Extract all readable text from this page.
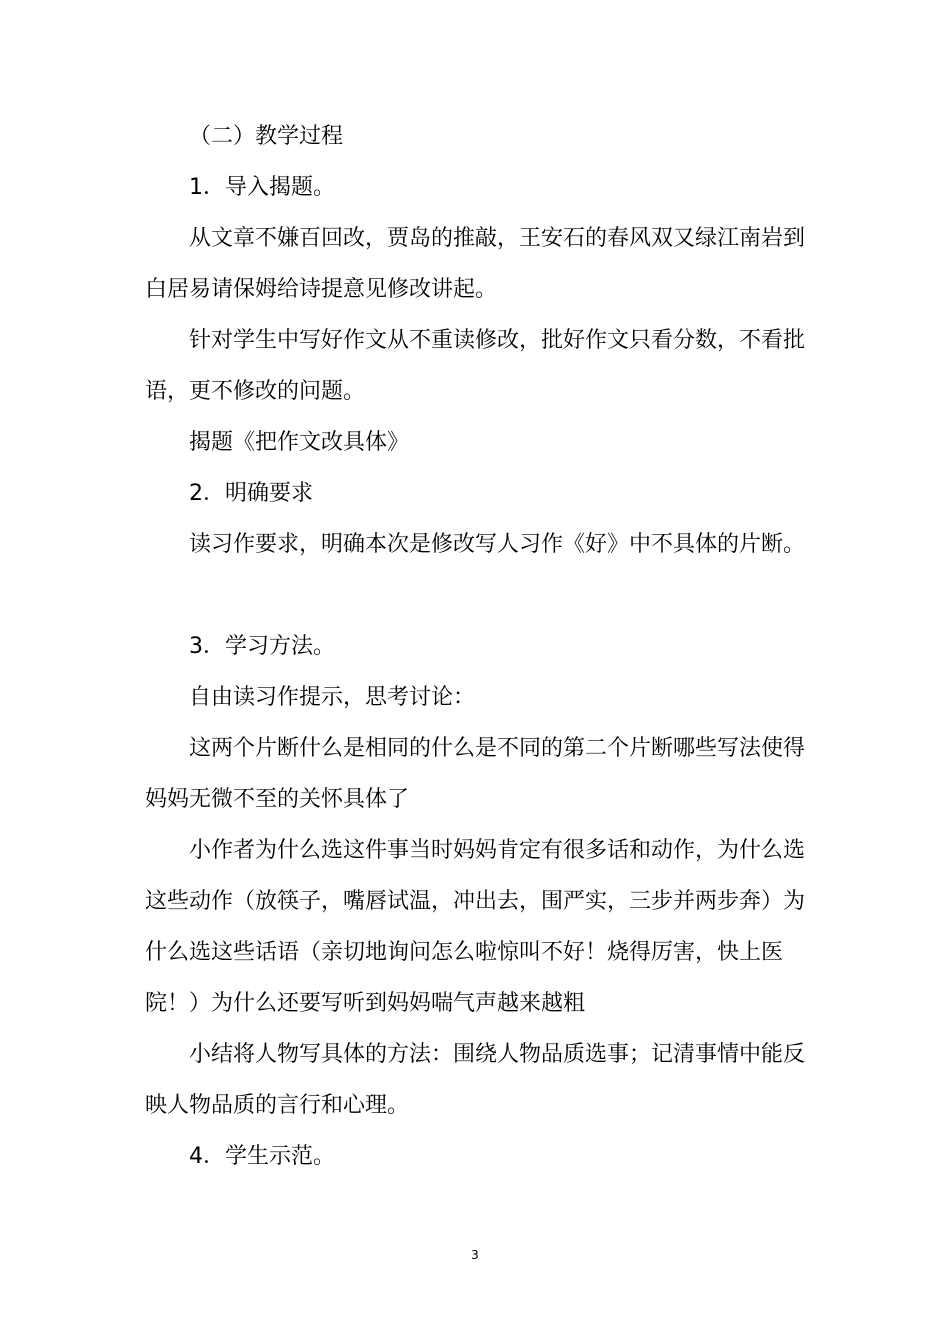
（二）教学过程

1．导入揭题。

从文章不嫌百回改，贾岛的推敲，王安石的春风双又绿江南岩到白居易请保姆给诗提意见修改讲起。

针对学生中写好作文从不重读修改，批好作文只看分数，不看批语，更不修改的问题。

揭题《把作文改具体》

2．明确要求

读习作要求，明确本次是修改写人习作《好》中不具体的片断。

3．学习方法。

自由读习作提示，思考讨论：

这两个片断什么是相同的什么是不同的第二个片断哪些写法使得妈妈无微不至的关怀具体了

小作者为什么选这件事当时妈妈肯定有很多话和动作，为什么选这些动作（放筷子，嘴唇试温，冲出去，围严实，三步并两步奔）为什么选这些话语（亲切地询问怎么啦惊叫不好！烧得厉害，快上医院！）为什么还要写听到妈妈喘气声越来越粗

小结将人物写具体的方法：围绕人物品质选事；记清事情中能反映人物品质的言行和心理。

4．学生示范。

3
